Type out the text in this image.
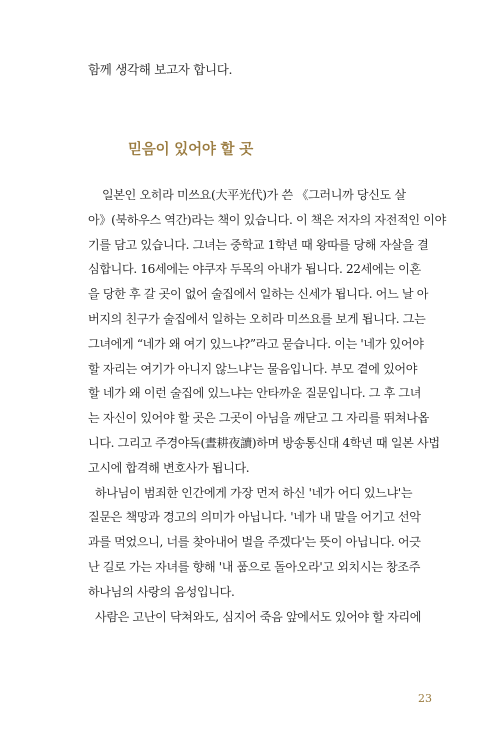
함께 생각해 보고자 합니다.
믿음이 있어야 할 곳
일본인 오히라 미쓰요(大平光代)가 쓴 《그러니까 당신도 살
아》(북하우스 역간)라는 책이 있습니다. 이 책은 저자의 자전적인 이야
기를 담고 있습니다. 그녀는 중학교 1학년 때 왕따를 당해 자살을 결
심합니다. 16세에는 야쿠자 두목의 아내가 됩니다. 22세에는 이혼
을 당한 후 갈 곳이 없어 술집에서 일하는 신세가 됩니다. 어느 날 아
버지의 친구가 술집에서 일하는 오히라 미쓰요를 보게 됩니다. 그는
그녀에게 “네가 왜 여기 있느냐?”라고 묻습니다. 이는 '네가 있어야
할 자리는 여기가 아니지 않느냐'는 물음입니다. 부모 곁에 있어야
할 네가 왜 이런 술집에 있느냐는 안타까운 질문입니다. 그 후 그녀
는 자신이 있어야 할 곳은 그곳이 아님을 깨닫고 그 자리를 뛰쳐나옵
니다. 그리고 주경야독(晝耕夜讀)하며 방송통신대 4학년 때 일본 사법
고시에 합격해 변호사가 됩니다.
하나님이 범죄한 인간에게 가장 먼저 하신 '네가 어디 있느냐'는
질문은 책망과 경고의 의미가 아닙니다. '네가 내 말을 어기고 선악
과를 먹었으니, 너를 찾아내어 벌을 주겠다'는 뜻이 아닙니다. 어긋
난 길로 가는 자녀를 향해 '내 품으로 돌아오라'고 외치시는 창조주
하나님의 사랑의 음성입니다.
사람은 고난이 닥쳐와도, 심지어 죽음 앞에서도 있어야 할 자리에
23
